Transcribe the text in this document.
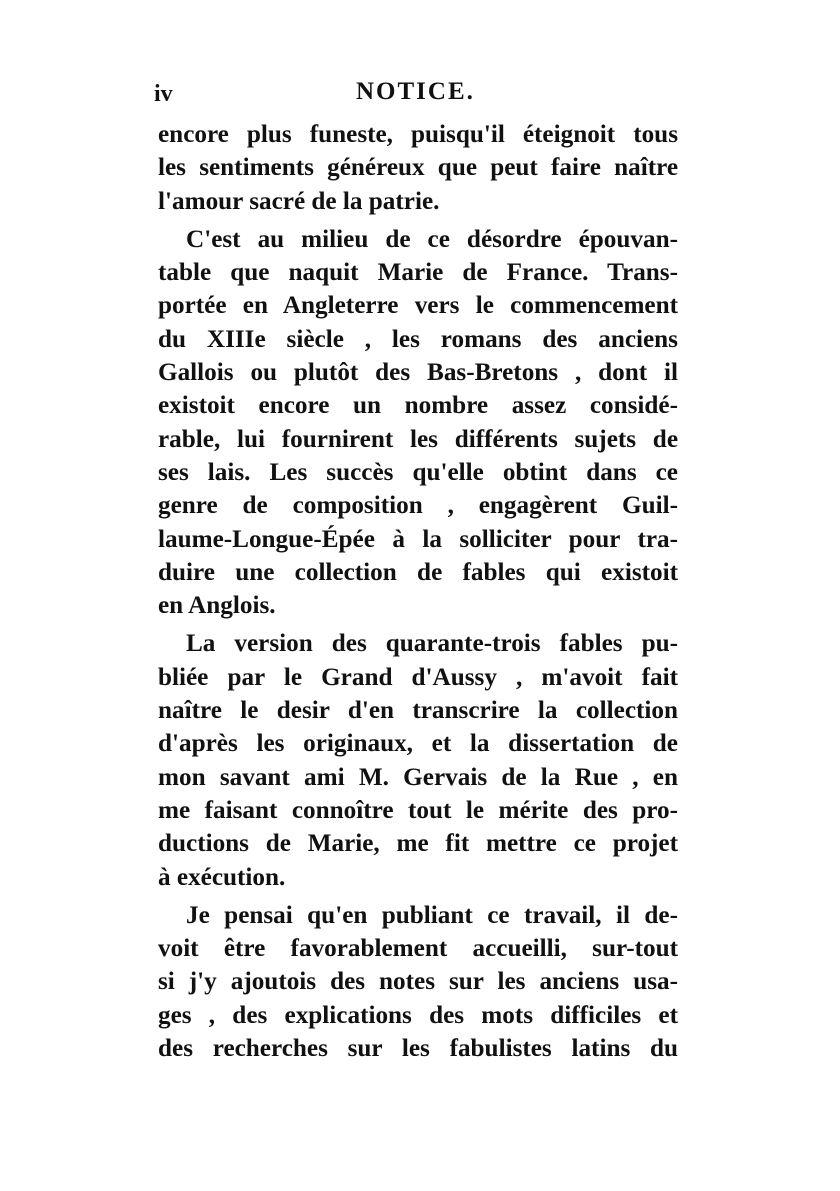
iv	NOTICE.
encore plus funeste, puisqu'il éteignoit tous
les sentiments généreux que peut faire naître
l'amour sacré de la patrie.
C'est au milieu de ce désordre épouvan-
table que naquit Marie de France. Trans-
portée en Angleterre vers le commencement
du XIIIe siècle , les romans des anciens
Gallois ou plutôt des Bas-Bretons , dont il
existoit encore un nombre assez considé-
rable, lui fournirent les différents sujets de
ses lais. Les succès qu'elle obtint dans ce
genre de composition , engagèrent Guil-
laume-Longue-Épée à la solliciter pour tra-
duire une collection de fables qui existoit
en Anglois.
La version des quarante-trois fables pu-
bliée par le Grand d'Aussy , m'avoit fait
naître le desir d'en transcrire la collection
d'après les originaux, et la dissertation de
mon savant ami M. Gervais de la Rue , en
me faisant connoître tout le mérite des pro-
ductions de Marie, me fit mettre ce projet
à exécution.
Je pensai qu'en publiant ce travail, il de-
voit être favorablement accueilli, sur-tout
si j'y ajoutois des notes sur les anciens usa-
ges , des explications des mots difficiles et
des recherches sur les fabulistes latins du
